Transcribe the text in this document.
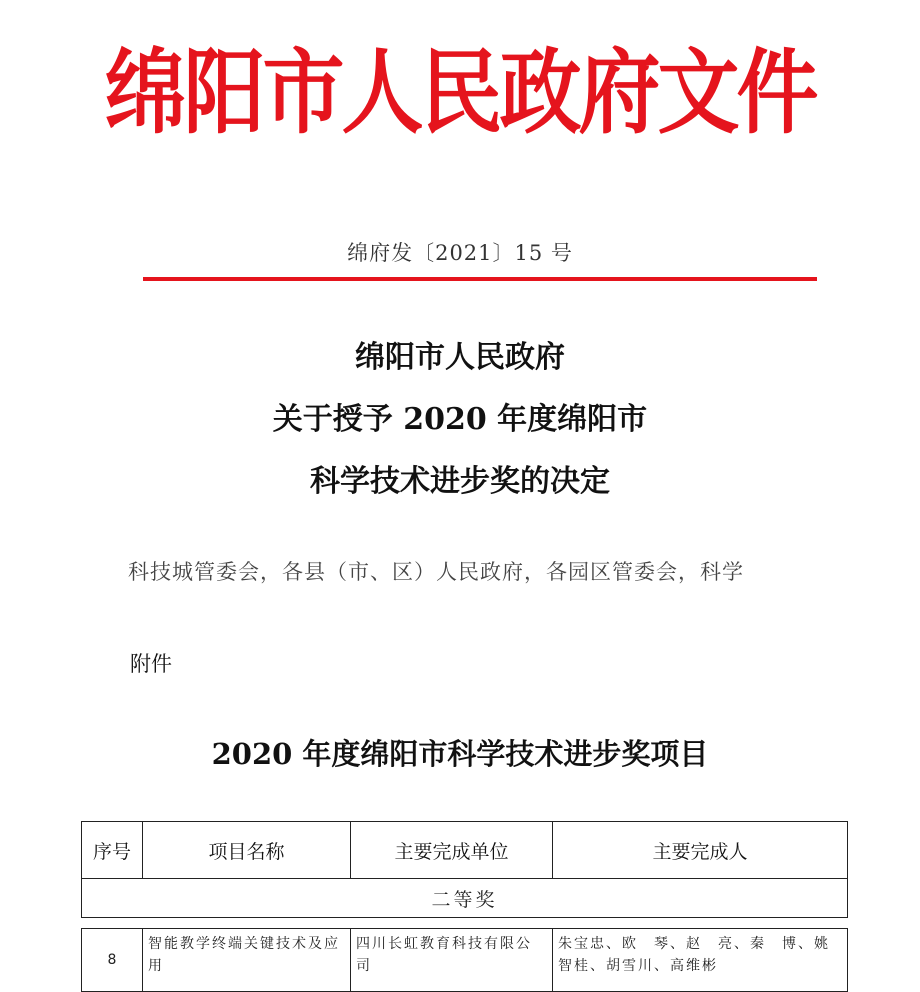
绵阳市人民政府文件
绵府发〔2021〕15 号
绵阳市人民政府
关于授予 2020 年度绵阳市
科学技术进步奖的决定
科技城管委会，各县（市、区）人民政府，各园区管委会，科学
附件
2020 年度绵阳市科学技术进步奖项目
序号	项目名称	主要完成单位	主要完成人
二等奖			

8	智能教学终端关键技术及应用	四川长虹教育科技有限公司	朱宝忠、欧　琴、赵　亮、秦　博、姚智桂、胡雪川、高维彬
